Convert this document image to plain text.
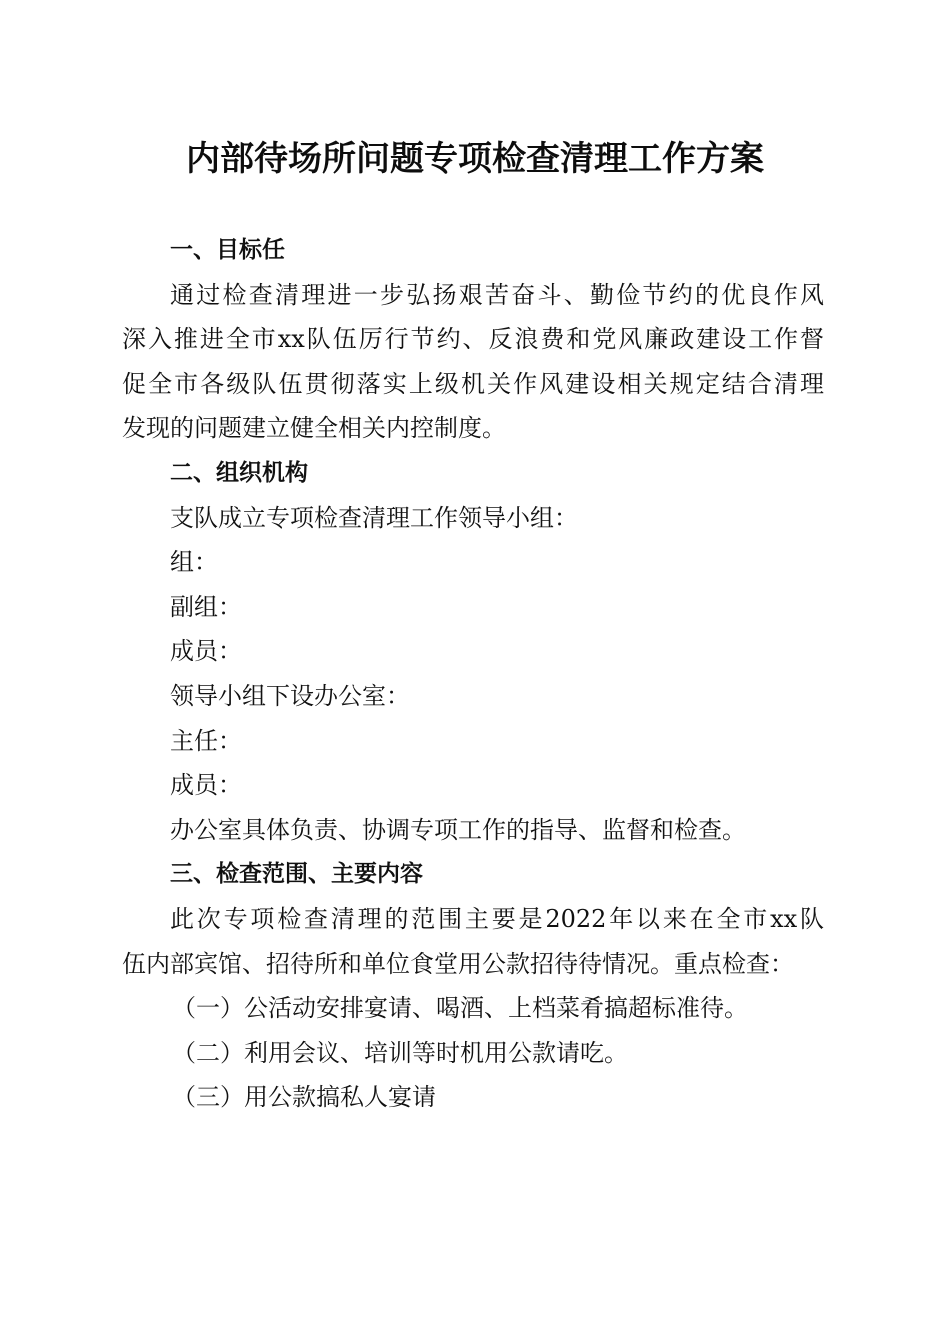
内部待场所问题专项检查清理工作方案
一、目标任
通过检查清理进一步弘扬艰苦奋斗、勤俭节约的优良作风
深入推进全市xx队伍厉行节约、反浪费和党风廉政建设工作督
促全市各级队伍贯彻落实上级机关作风建设相关规定结合清理
发现的问题建立健全相关内控制度。
二、组织机构
支队成立专项检查清理工作领导小组：
组：
副组：
成员：
领导小组下设办公室：
主任：
成员：
办公室具体负责、协调专项工作的指导、监督和检查。
三、检查范围、主要内容
此次专项检查清理的范围主要是2022年以来在全市xx队
伍内部宾馆、招待所和单位食堂用公款招待待情况。重点检查：
（一）公活动安排宴请、喝酒、上档菜肴搞超标准待。
（二）利用会议、培训等时机用公款请吃。
（三）用公款搞私人宴请
